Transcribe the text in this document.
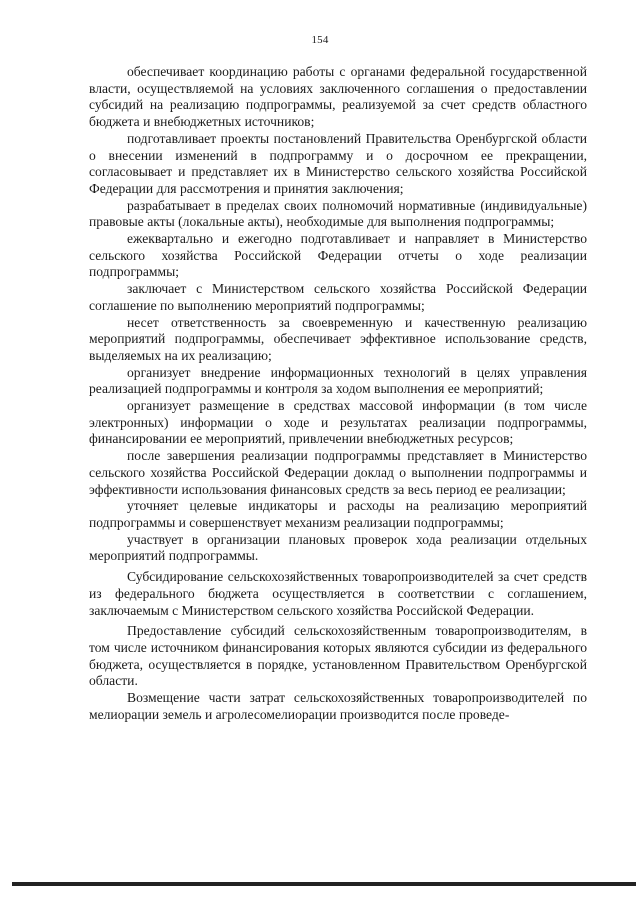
154

обеспечивает координацию работы с органами федеральной государственной власти, осуществляемой на условиях заключенного соглашения о предоставлении субсидий на реализацию подпрограммы, реализуемой за счет средств областного бюджета и внебюджетных источников;

подготавливает проекты постановлений Правительства Оренбургской области о внесении изменений в подпрограмму и о досрочном ее прекращении, согласовывает и представляет их в Министерство сельского хозяйства Российской Федерации для рассмотрения и принятия заключения;

разрабатывает в пределах своих полномочий нормативные (индивидуальные) правовые акты (локальные акты), необходимые для выполнения подпрограммы;

ежеквартально и ежегодно подготавливает и направляет в Министерство сельского хозяйства Российской Федерации отчеты о ходе реализации подпрограммы;

заключает с Министерством сельского хозяйства Российской Федерации соглашение по выполнению мероприятий подпрограммы;

несет ответственность за своевременную и качественную реализацию мероприятий подпрограммы, обеспечивает эффективное использование средств, выделяемых на их реализацию;

организует внедрение информационных технологий в целях управления реализацией подпрограммы и контроля за ходом выполнения ее мероприятий;

организует размещение в средствах массовой информации (в том числе электронных) информации о ходе и результатах реализации подпрограммы, финансировании ее мероприятий, привлечении внебюджетных ресурсов;

после завершения реализации подпрограммы представляет в Министерство сельского хозяйства Российской Федерации доклад о выполнении подпрограммы и эффективности использования финансовых средств за весь период ее реализации;

уточняет целевые индикаторы и расходы на реализацию мероприятий подпрограммы и совершенствует механизм реализации подпрограммы;

участвует в организации плановых проверок хода реализации отдельных мероприятий подпрограммы.

Субсидирование сельскохозяйственных товаропроизводителей за счет средств из федерального бюджета осуществляется в соответствии с соглашением, заключаемым с Министерством сельского хозяйства Российской Федерации.

Предоставление субсидий сельскохозяйственным товаропроизводителям, в том числе источником финансирования которых являются субсидии из федерального бюджета, осуществляется в порядке, установленном Правительством Оренбургской области.

Возмещение части затрат сельскохозяйственных товаропроизводителей по мелиорации земель и агролесомелиорации производится после проведе-
